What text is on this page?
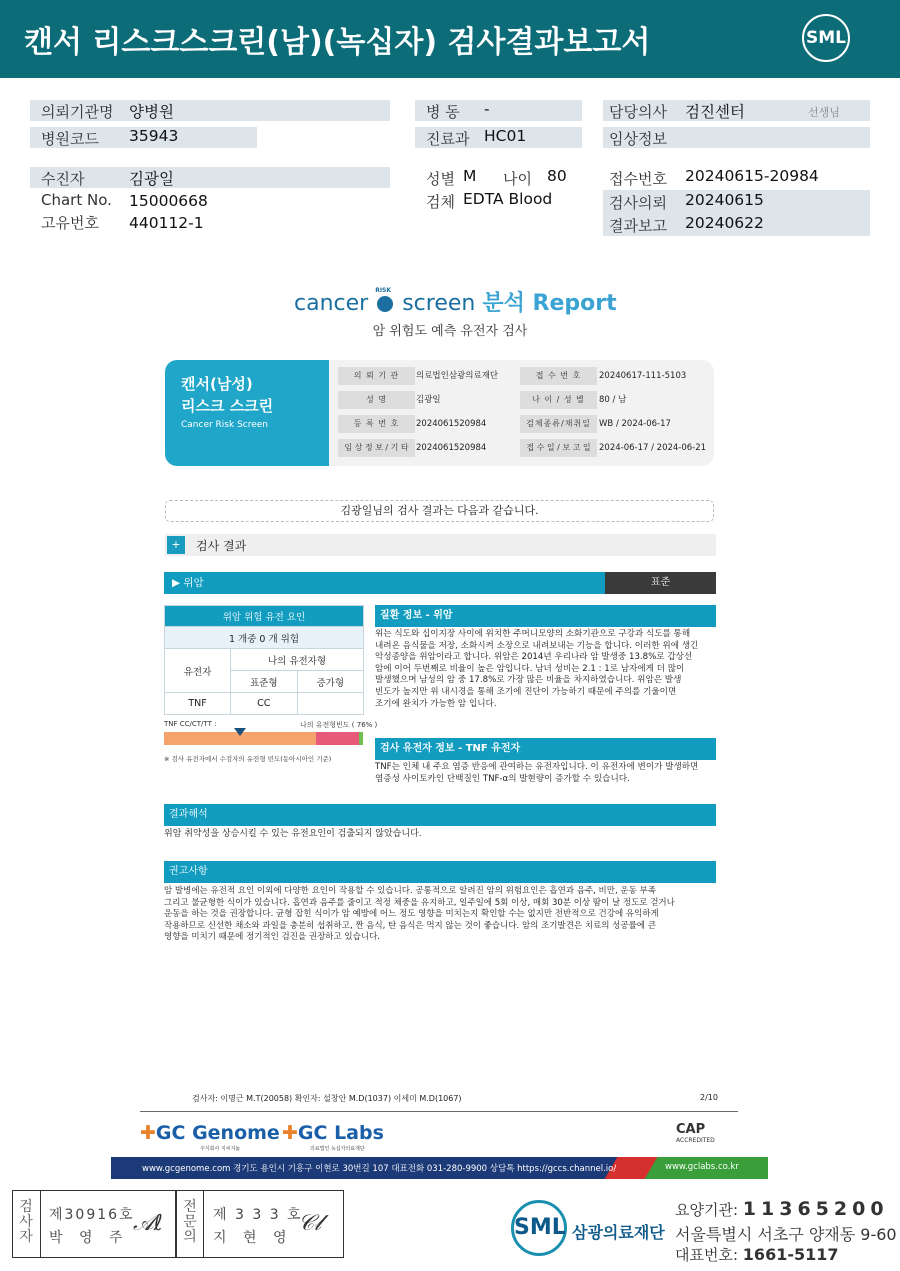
캔서 리스크스크린(남)(녹십자) 검사결과보고서	SML
의뢰기관명 양병원
병원코드 35943
수진자	김광일
Chart No. 15000668
고유번호 440112-1
병 동 -
진료과 HC01
성별 M 나이 80
검체 EDTA Blood
담당의사 검진센터	선생님
임상정보
접수번호 20240615-20984
검사의뢰 20240615
결과보고 20240622
cancer
RISK
screen 분석 Report
암 위험도 예측 유전자 검사
캔서(남성)
리스크 스크린
Cancer Risk Screen
의 뢰 기 관	의료법인삼광의료재단	접 수 번 호	20240617-111-5103
성 명	김광일	나 이 / 성 별	80 / 남
등 록 번 호	2024061520984	검체종류/채취일 WB / 2024-06-17
임 상 정 보 / 기 타 2024061520984	접 수 일 / 보 고 일 2024-06-17 / 2024-06-21
김광일님의 검사 결과는 다음과 같습니다.
+	검사 결과
▶ 위암	표준
위암 위험 유전 요인		
1 개중 0 개 위험		
유전자	나의 유전자형	
	표준형	증가형
TNF	CC	
TNF CC/CT/TT :	나의 유전형빈도 ( 76% )
※ 검사 유전자에서 수검자의 유전형 빈도(동아시아인 기준)
질환 정보 - 위암
위는 식도와 십이지장 사이에 위치한 주머니모양의 소화기관으로 구강과 식도를 통해
내려온 음식물을 저장, 소화시켜 소장으로 내려보내는 기능을 합니다. 이러한 위에 생긴
악성종양을 위암이라고 합니다. 위암은 2014년 우리나라 암 발생중 13.8%로 갑상선
암에 이어 두번째로 비율이 높은 암입니다. 남녀 성비는 2.1 : 1로 남자에게 더 많이
발생했으며 남성의 암 중 17.8%로 가장 많은 비율을 차지하였습니다. 위암은 발생
빈도가 높지만 위 내시경을 통해 조기에 진단이 가능하기 때문에 주의를 기울이면
조기에 완치가 가능한 암 입니다.
검사 유전자 정보 - TNF 유전자
TNF는 인체 내 주요 염증 반응에 관여하는 유전자입니다. 이 유전자에 변이가 발생하면
염증성 사이토카인 단백질인 TNF-α의 발현량이 증가할 수 있습니다.
결과해석
위암 취약성을 상승시킬 수 있는 유전요인이 검출되지 않았습니다.
권고사항
암 발병에는 유전적 요인 이외에 다양한 요인이 작용할 수 있습니다. 공통적으로 알려진 암의 위험요인은 흡연과 음주, 비만, 운동 부족
그리고 불균형한 식이가 있습니다. 흡연과 음주를 줄이고 적정 체중을 유지하고, 일주일에 5회 이상, 매회 30분 이상 땀이 날 정도로 걷거나
운동을 하는 것을 권장합니다. 균형 잡힌 식이가 암 예방에 어느 정도 영향을 미치는지 확인할 수는 없지만 전반적으로 건강에 유익하게
작용하므로 신선한 채소와 과일을 충분히 섭취하고, 짠 음식, 탄 음식은 먹지 않는 것이 좋습니다. 암의 조기발견은 치료의 성공률에 큰
영향을 미치기 때문에 정기적인 검진을 권장하고 있습니다.
검사자: 이명근 M.T(20058) 확인자: 설창안 M.D(1037) 이세미 M.D(1067)	2/10
✚GC Genome
주식회사 지씨지놈
✚GC Labs
의료법인 녹십자의료재단
CAP
ACCREDITED
www.gcgenome.com 경기도 용인시 기흥구 이현로 30번길 107 대표전화 031-280-9900 상담톡 https://gccs.channel.io/	www.gclabs.co.kr
검
사
자
제30916호
박 영 주
𝒜ℓ
전
문
의
제 3 3 3 호
지 현 영
𝒞𝓁	SML 삼광의료재단
요양기관: 11365200
서울특별시 서초구 양재동 9-60
대표번호: 1661-5117
